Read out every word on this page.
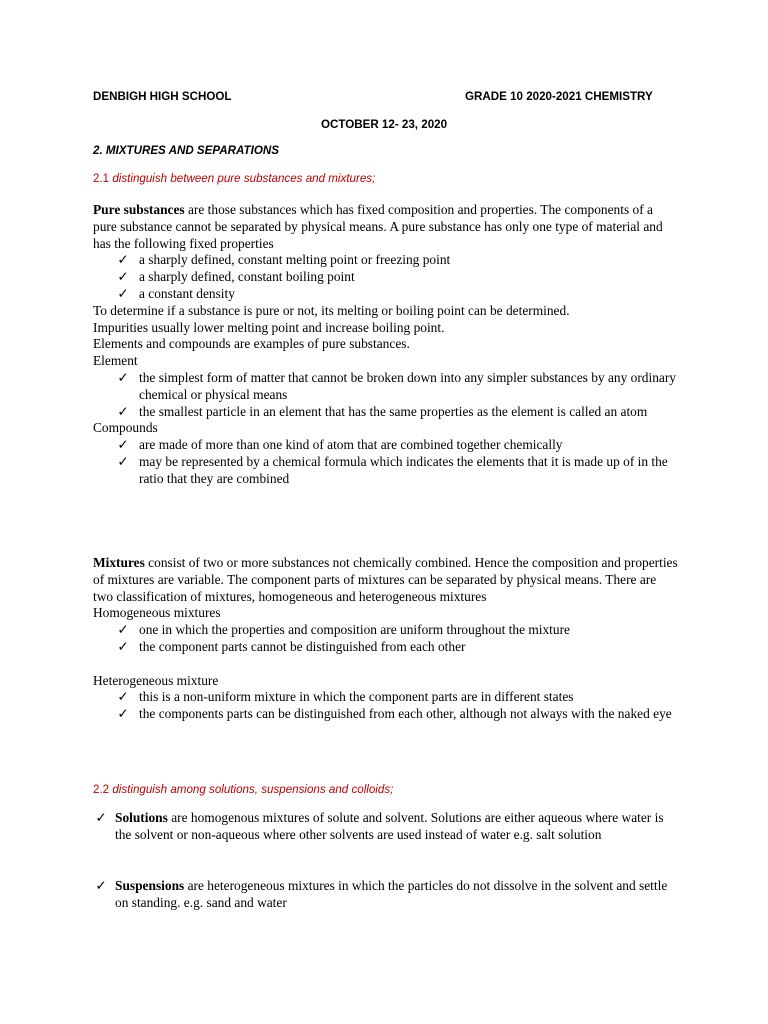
DENBIGH HIGH SCHOOL	GRADE 10 2020-2021 CHEMISTRY
OCTOBER 12- 23, 2020
2. MIXTURES AND SEPARATIONS
2.1 distinguish between pure substances and mixtures;

Pure substances are those substances which has fixed composition and properties. The components of a pure substance cannot be separated by physical means. A pure substance has only one type of material and has the following fixed properties

✓ a sharply defined, constant melting point or freezing point
✓ a sharply defined, constant boiling point
✓ a constant density

To determine if a substance is pure or not, its melting or boiling point can be determined.

Impurities usually lower melting point and increase boiling point.

Elements and compounds are examples of pure substances.

Element

✓ the simplest form of matter that cannot be broken down into any simpler substances by any ordinary chemical or physical means
✓ the smallest particle in an element that has the same properties as the element is called an atom

Compounds

✓ are made of more than one kind of atom that are combined together chemically
✓ may be represented by a chemical formula which indicates the elements that it is made up of in the ratio that they are combined

Mixtures consist of two or more substances not chemically combined. Hence the composition and properties of mixtures are variable. The component parts of mixtures can be separated by physical means. There are two classification of mixtures, homogeneous and heterogeneous mixtures

Homogeneous mixtures

✓ one in which the properties and composition are uniform throughout the mixture
✓ the component parts cannot be distinguished from each other

Heterogeneous mixture

✓ this is a non-uniform mixture in which the component parts are in different states
✓ the components parts can be distinguished from each other, although not always with the naked eye
2.2 distinguish among solutions, suspensions and colloids;
✓ Solutions are homogenous mixtures of solute and solvent. Solutions are either aqueous where water is the solvent or non-aqueous where other solvents are used instead of water e.g. salt solution
✓ Suspensions are heterogeneous mixtures in which the particles do not dissolve in the solvent and settle on standing. e.g. sand and water
